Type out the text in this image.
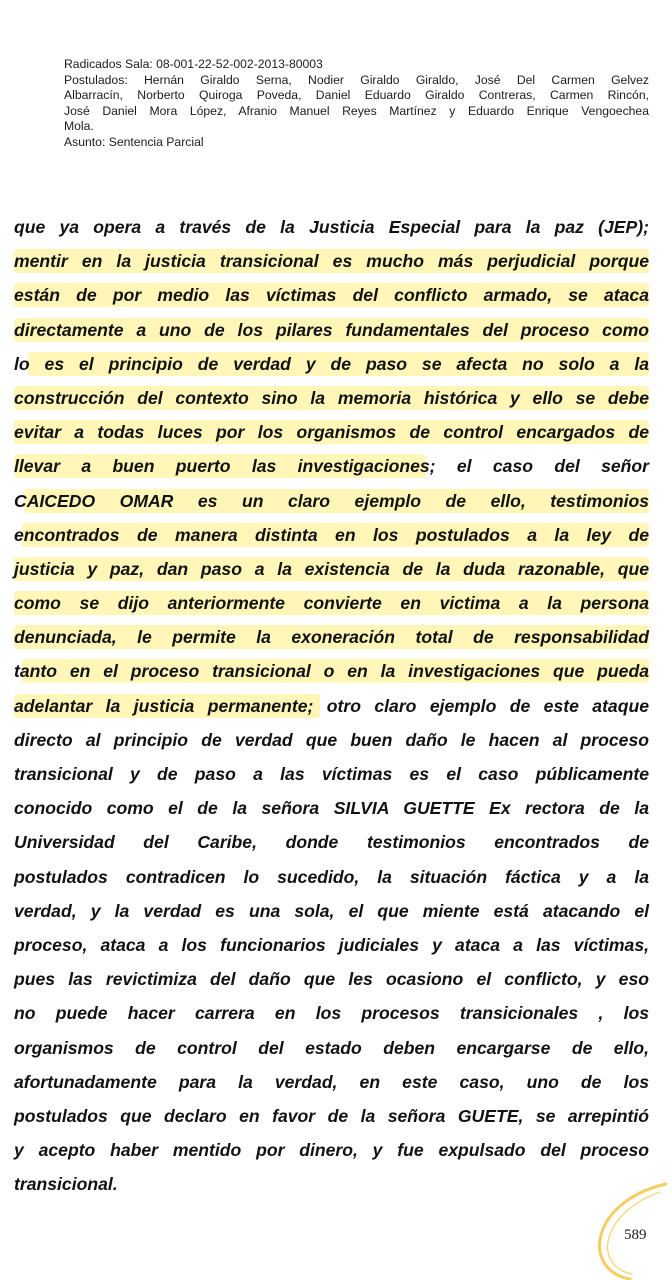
Radicados Sala: 08-001-22-52-002-2013-80003
Postulados: Hernán Giraldo Serna, Nodier Giraldo Giraldo, José Del Carmen Gelvez
Albarracín, Norberto Quiroga Poveda, Daniel Eduardo Giraldo Contreras, Carmen Rincón,
José Daniel Mora López, Afranio Manuel Reyes Martínez y Eduardo Enrique Vengoechea
Mola.
Asunto: Sentencia Parcial
que ya opera a través de la Justicia Especial para la paz (JEP);
mentir en la justicia transicional es mucho más perjudicial porque
están de por medio las víctimas del conflicto armado, se ataca
directamente a uno de los pilares fundamentales del proceso como
lo es el principio de verdad y de paso se afecta no solo a la
construcción del contexto sino la memoria histórica y ello se debe
evitar a todas luces por los organismos de control encargados de
llevar a buen puerto las investigaciones; el caso del señor
CAICEDO OMAR es un claro ejemplo de ello, testimonios
encontrados de manera distinta en los postulados a la ley de
justicia y paz, dan paso a la existencia de la duda razonable, que
como se dijo anteriormente convierte en victima a la persona
denunciada, le permite la exoneración total de responsabilidad
tanto en el proceso transicional o en la investigaciones que pueda
adelantar la justicia permanente; otro claro ejemplo de este ataque
directo al principio de verdad que buen daño le hacen al proceso
transicional y de paso a las víctimas es el caso públicamente
conocido como el de la señora SILVIA GUETTE Ex rectora de la
Universidad del Caribe, donde testimonios encontrados de
postulados contradicen lo sucedido, la situación fáctica y a la
verdad, y la verdad es una sola, el que miente está atacando el
proceso, ataca a los funcionarios judiciales y ataca a las víctimas,
pues las revictimiza del daño que les ocasiono el conflicto, y eso
no puede hacer carrera en los procesos transicionales , los
organismos de control del estado deben encargarse de ello,
afortunadamente para la verdad, en este caso, uno de los
postulados que declaro en favor de la señora GUETE, se arrepintió
y acepto haber mentido por dinero, y fue expulsado del proceso
transicional.
589
